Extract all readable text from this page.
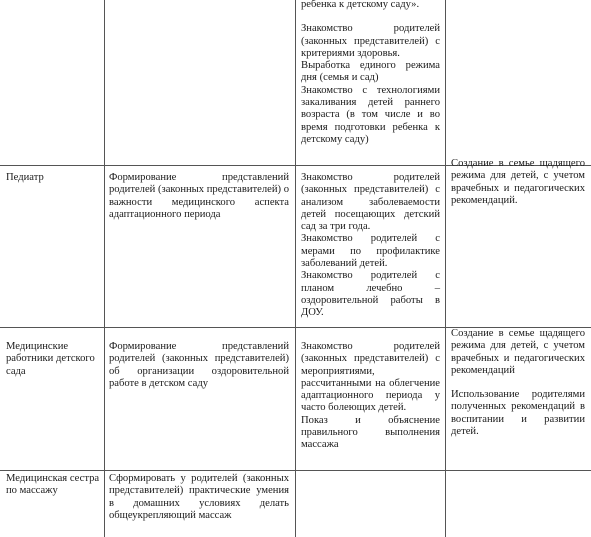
ребенка к детскому саду».

Знакомство родителей (законных представителей) с критериями здоровья.

Выработка единого режима дня (семья и сад)

Знакомство с технологиями закаливания детей раннего возраста (в том числе и во время подготовки ребенка к детскому саду)

Педиатр	Формирование представлений родителей (законных представителей) о важности медицинского аспекта адаптационного периода

Знакомство родителей (законных представителей) с анализом заболеваемости детей посещающих детский сад за три года.

Знакомство родителей с мерами по профилактике заболеваний детей.

Знакомство родителей с планом лечебно – оздоровительной работы в ДОУ.

Создание в семье щадящего режима для детей, с учетом врачебных и педагогических рекомендаций.

Медицинские работники детского сада

Формирование представлений родителей (законных представителей) об организации оздоровительной работе в детском саду

Знакомство родителей (законных представителей) с мероприятиями, рассчитанными на облегчение адаптационного периода у часто болеющих детей.

Показ и объяснение правильного выполнения массажа

Создание в семье щадящего режима для детей, с учетом врачебных и педагогических рекомендаций

Использование родителями полученных рекомендаций в воспитании и развитии детей.

Медицинская сестра по массажу

Сформировать у родителей (законных представителей) практические умения в домашних условиях делать общеукрепляющий массаж
